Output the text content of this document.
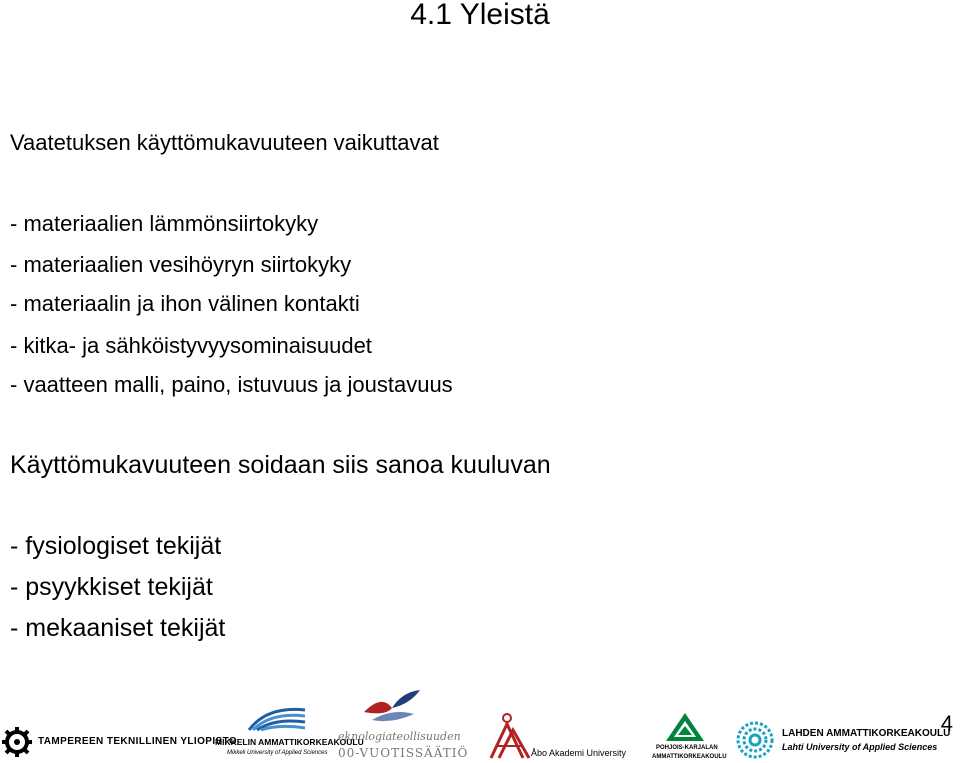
4.1 Yleistä
Vaatetuksen käyttömukavuuteen vaikuttavat
- materiaalien lämmönsiirtokyky
- materiaalien vesihöyryn siirtokyky
- materiaalin ja ihon välinen kontakti
- kitka- ja sähköistyvyysominaisuudet
- vaatteen malli, paino, istuvuus ja joustavuus
Käyttömukavuuteen soidaan siis sanoa kuuluvan
- fysiologiset tekijät
- psyykkiset tekijät
- mekaaniset tekijät
4
TAMPEREEN TEKNILLINEN YLIOPISTO
MIKKELIN AMMATTIKORKEAKOULU
Mikkeli University of Applied Sciences
eknologiateollisuuden
00-VUOTISSÄÄTIÖ	Åbo Akademi University	POHJOIS-KARJALAN
AMMATTIKORKEAKOULU
LAHDEN AMMATTIKORKEAKOULU
Lahti University of Applied Sciences
